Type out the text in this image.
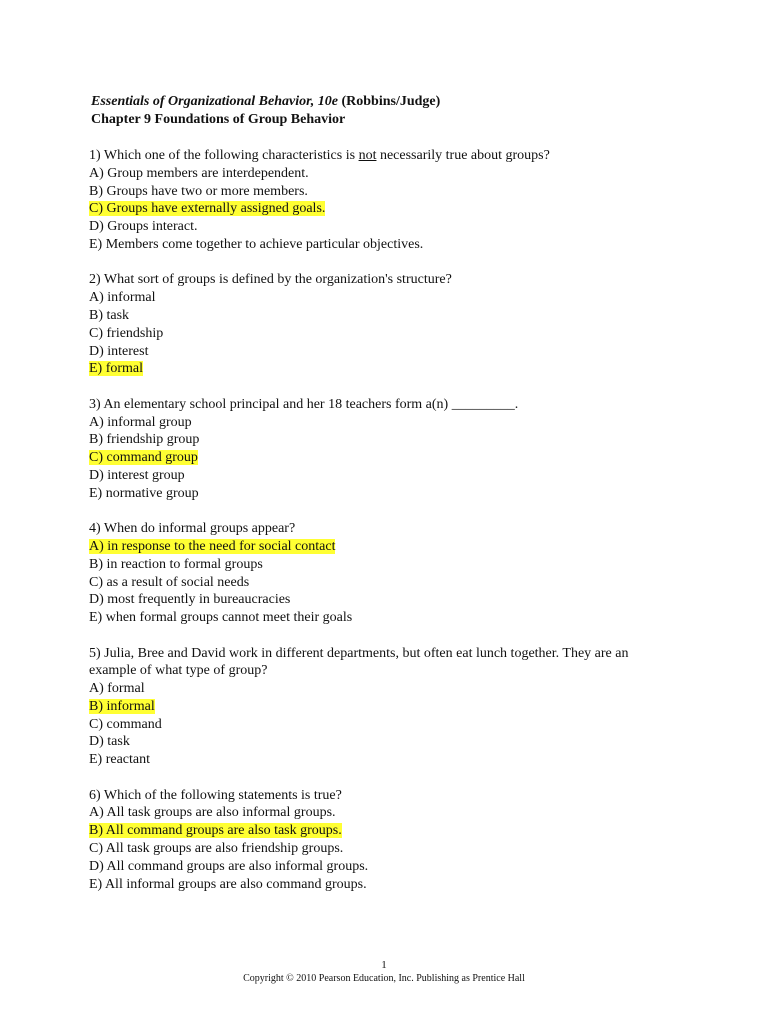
Essentials of Organizational Behavior, 10e (Robbins/Judge)
Chapter 9 Foundations of Group Behavior
1) Which one of the following characteristics is not necessarily true about groups?
A) Group members are interdependent.
B) Groups have two or more members.
C) Groups have externally assigned goals.
D) Groups interact.
E) Members come together to achieve particular objectives.
2) What sort of groups is defined by the organization's structure?
A) informal
B) task
C) friendship
D) interest
E) formal
3) An elementary school principal and her 18 teachers form a(n) _________.
A) informal group
B) friendship group
C) command group
D) interest group
E) normative group
4) When do informal groups appear?
A) in response to the need for social contact
B) in reaction to formal groups
C) as a result of social needs
D) most frequently in bureaucracies
E) when formal groups cannot meet their goals
5) Julia, Bree and David work in different departments, but often eat lunch together. They are an
example of what type of group?
A) formal
B) informal
C) command
D) task
E) reactant
6) Which of the following statements is true?
A) All task groups are also informal groups.
B) All command groups are also task groups.
C) All task groups are also friendship groups.
D) All command groups are also informal groups.
E) All informal groups are also command groups.
1
Copyright © 2010 Pearson Education, Inc. Publishing as Prentice Hall
